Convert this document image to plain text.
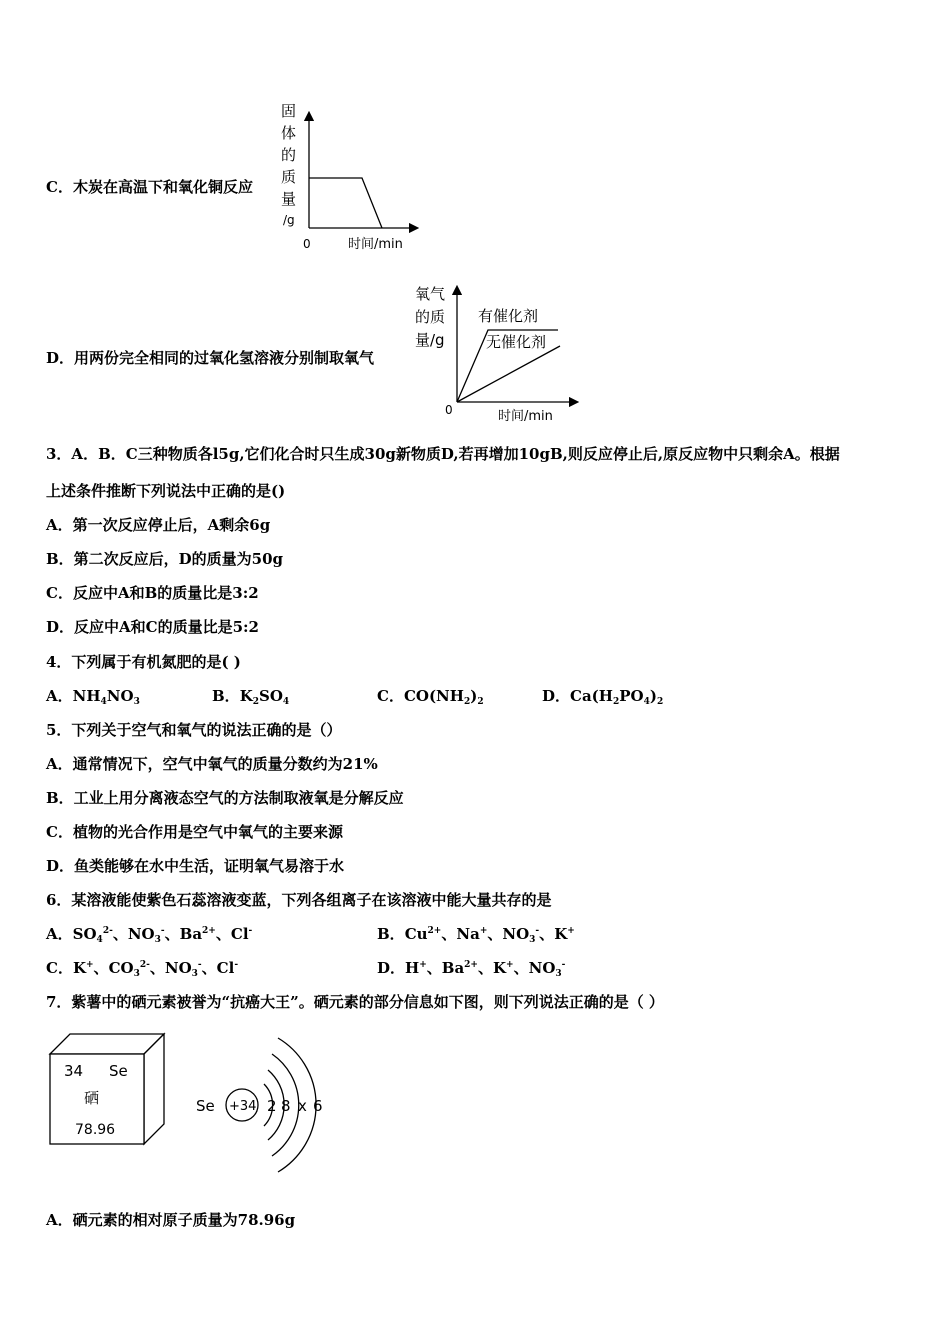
C．木炭在高温下和氧化铜反应
固
体
的
质
量
/g
0	时间/min
D．用两份完全相同的过氧化氢溶液分别制取氧气
氧气
的质
量/g
有催化剂
无催化剂
0	时间/min
3．A．B．C三种物质各l5g,它们化合时只生成30g新物质D,若再增加10gB,则反应停止后,原反应物中只剩余A。根据
上述条件推断下列说法中正确的是()
A．第一次反应停止后，A剩余6g
B．第二次反应后，D的质量为50g
C．反应中A和B的质量比是3:2
D．反应中A和C的质量比是5:2
4．下列属于有机氮肥的是( )
A．$NH_4NO_3$	B．$K_2SO_4$	C．$CO(NH_2)_2$	D．$Ca(H_2PO_4)_2$
5．下列关于空气和氧气的说法正确的是（）
A．通常情况下，空气中氧气的质量分数约为21%
B．工业上用分离液态空气的方法制取液氧是分解反应
C．植物的光合作用是空气中氧气的主要来源
D．鱼类能够在水中生活，证明氧气易溶于水
6．某溶液能使紫色石蕊溶液变蓝，下列各组离子在该溶液中能大量共存的是
A．$SO_4^{2-}$、$NO_3^-$、$Ba^{2+}$、Cl-	B．$Cu^{2+}$、Na+、$NO_3^-$、K+
C．K+、$CO_3^{2-}$、$NO_3^-$、Cl-	D．H+、$Ba^{2+}$、K+、$NO_3^-$
7．紫薯中的硒元素被誉为“抗癌大王”。硒元素的部分信息如下图，则下列说法正确的是（ ）
34 Se
硒
78.96
Se +34 2 8 x 6
A．硒元素的相对原子质量为78.96g
